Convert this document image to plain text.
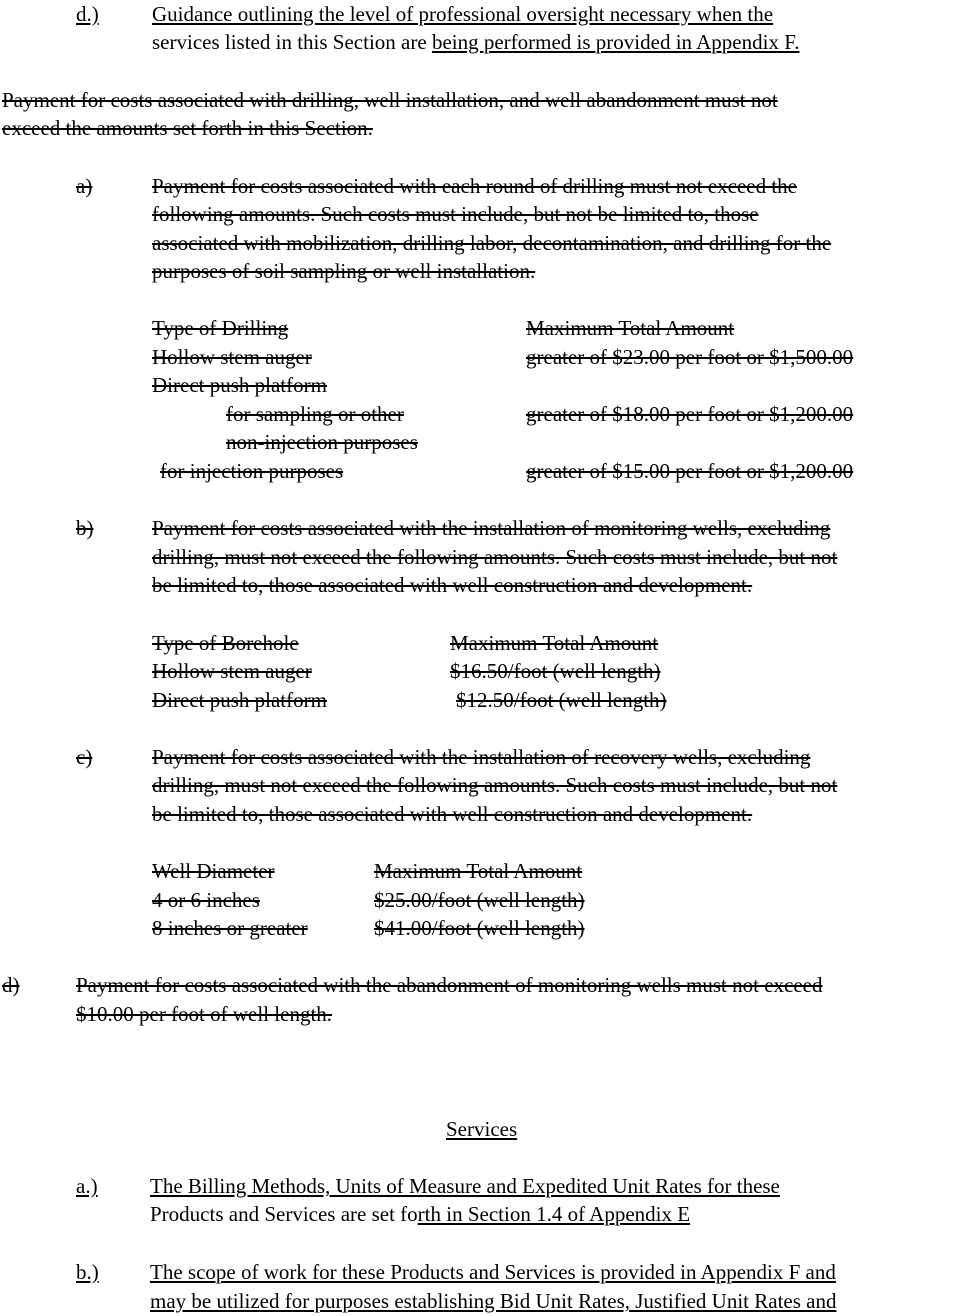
d.)	Guidance outlining the level of professional oversight necessary when the
services listed in this Section are being performed is provided in Appendix F.
Payment for costs associated with drilling, well installation, and well abandonment must not
exceed the amounts set forth in this Section.
a)	Payment for costs associated with each round of drilling must not exceed the
following amounts. Such costs must include, but not be limited to, those
associated with mobilization, drilling labor, decontamination, and drilling for the
purposes of soil sampling or well installation.
Type of Drilling	Maximum Total Amount
Hollow stem auger	greater of $23.00 per foot or $1,500.00
Direct push platform
for sampling or other	greater of $18.00 per foot or $1,200.00
non-injection purposes
for injection purposes	greater of $15.00 per foot or $1,200.00
b)	Payment for costs associated with the installation of monitoring wells, excluding
drilling, must not exceed the following amounts. Such costs must include, but not
be limited to, those associated with well construction and development.
Type of Borehole	Maximum Total Amount
Hollow stem auger	$16.50/foot (well length)
Direct push platform	$12.50/foot (well length)
c)	Payment for costs associated with the installation of recovery wells, excluding
drilling, must not exceed the following amounts. Such costs must include, but not
be limited to, those associated with well construction and development.
Well Diameter	Maximum Total Amount
4 or 6 inches	$25.00/foot (well length)
8 inches or greater	$41.00/foot (well length)
d)	Payment for costs associated with the abandonment of monitoring wells must not exceed
$10.00 per foot of well length.
Services
a.) The Billing Methods, Units of Measure and Expedited Unit Rates for these
Products and Services are set forth in Section 1.4 of Appendix E
b.) The scope of work for these Products and Services is provided in Appendix F and
may be utilized for purposes establishing Bid Unit Rates, Justified Unit Rates and
